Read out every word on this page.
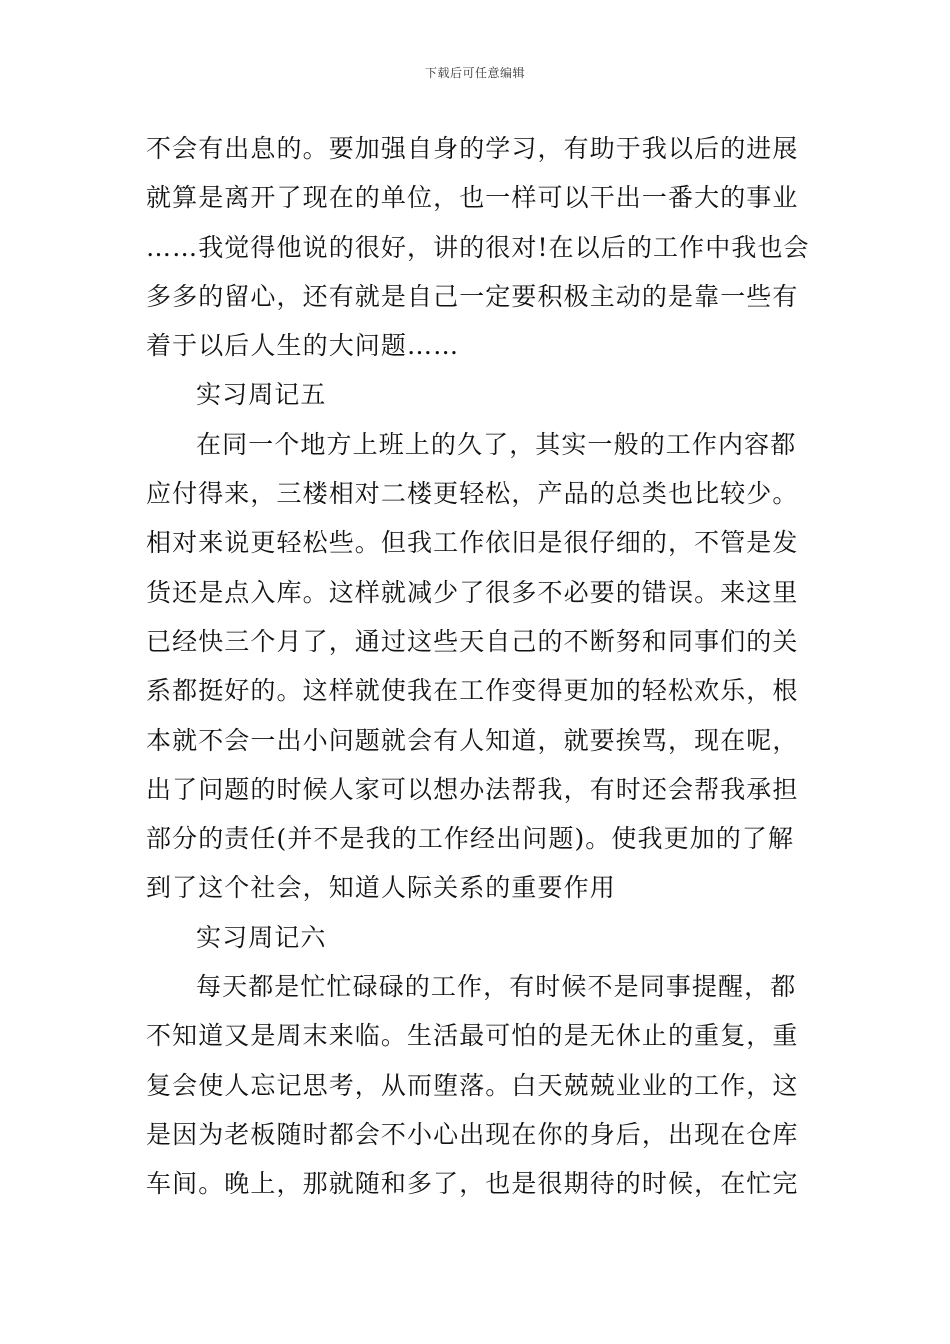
下载后可任意编辑
不会有出息的。要加强自身的学习，有助于我以后的进展
就算是离开了现在的单位，也一样可以干出一番大的事业
……我觉得他说的很好，讲的很对!在以后的工作中我也会
多多的留心，还有就是自己一定要积极主动的是靠一些有
着于以后人生的大问题……
实习周记五
在同一个地方上班上的久了，其实一般的工作内容都
应付得来，三楼相对二楼更轻松，产品的总类也比较少。
相对来说更轻松些。但我工作依旧是很仔细的，不管是发
货还是点入库。这样就减少了很多不必要的错误。来这里
已经快三个月了，通过这些天自己的不断努和同事们的关
系都挺好的。这样就使我在工作变得更加的轻松欢乐，根
本就不会一出小问题就会有人知道，就要挨骂，现在呢，
出了问题的时候人家可以想办法帮我，有时还会帮我承担
部分的责任(并不是我的工作经出问题)。使我更加的了解
到了这个社会，知道人际关系的重要作用
实习周记六
每天都是忙忙碌碌的工作，有时候不是同事提醒，都
不知道又是周末来临。生活最可怕的是无休止的重复，重
复会使人忘记思考，从而堕落。白天兢兢业业的工作，这
是因为老板随时都会不小心出现在你的身后，出现在仓库
车间。晚上，那就随和多了，也是很期待的时候，在忙完
